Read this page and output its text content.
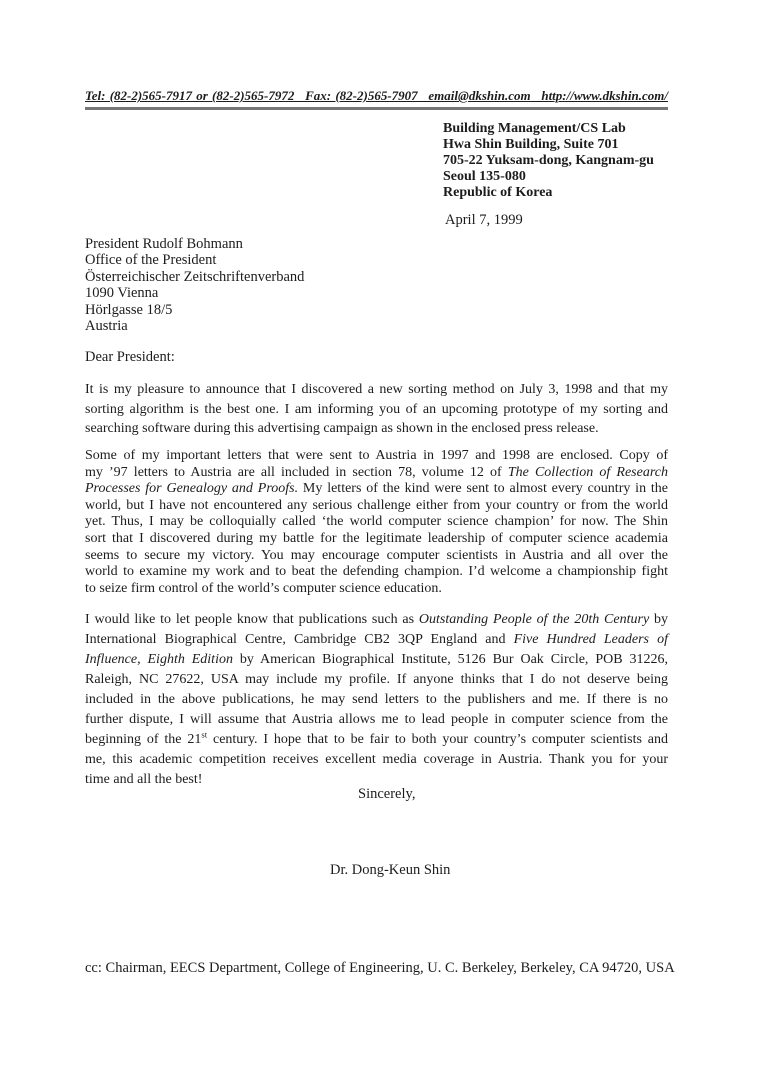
Tel: (82-2)565-7917 or (82-2)565-7972  Fax: (82-2)565-7907  email@dkshin.com  http://www.dkshin.com/
Building Management/CS Lab
Hwa Shin Building, Suite 701
705-22 Yuksam-dong, Kangnam-gu
Seoul 135-080
Republic of Korea
April 7, 1999
President Rudolf Bohmann
Office of the President
Österreichischer Zeitschriftenverband
1090 Vienna
Hörlgasse 18/5
Austria
Dear President:
It is my pleasure to announce that I discovered a new sorting method on July 3, 1998 and that my
sorting algorithm is the best one. I am informing you of an upcoming prototype of my sorting and
searching software during this advertising campaign as shown in the enclosed press release.
Some of my important letters that were sent to Austria in 1997 and 1998 are enclosed. Copy of
my ’97 letters to Austria are all included in section 78, volume 12 of The Collection of Research
Processes for Genealogy and Proofs. My letters of the kind were sent to almost every country in the
world, but I have not encountered any serious challenge either from your country or from the world
yet. Thus, I may be colloquially called ‘the world computer science champion’ for now. The Shin
sort that I discovered during my battle for the legitimate leadership of computer science academia
seems to secure my victory. You may encourage computer scientists in Austria and all over the
world to examine my work and to beat the defending champion. I’d welcome a championship fight
to seize firm control of the world’s computer science education.
I would like to let people know that publications such as Outstanding People of the 20th Century by
International Biographical Centre, Cambridge CB2 3QP England and Five Hundred Leaders of
Influence, Eighth Edition by American Biographical Institute, 5126 Bur Oak Circle, POB 31226,
Raleigh, NC 27622, USA may include my profile. If anyone thinks that I do not deserve being
included in the above publications, he may send letters to the publishers and me. If there is no
further dispute, I will assume that Austria allows me to lead people in computer science from the
beginning of the 21st century. I hope that to be fair to both your country’s computer scientists and
me, this academic competition receives excellent media coverage in Austria. Thank you for your
time and all the best!
Sincerely,
Dr. Dong-Keun Shin
cc: Chairman, EECS Department, College of Engineering, U. C. Berkeley, Berkeley, CA 94720, USA
